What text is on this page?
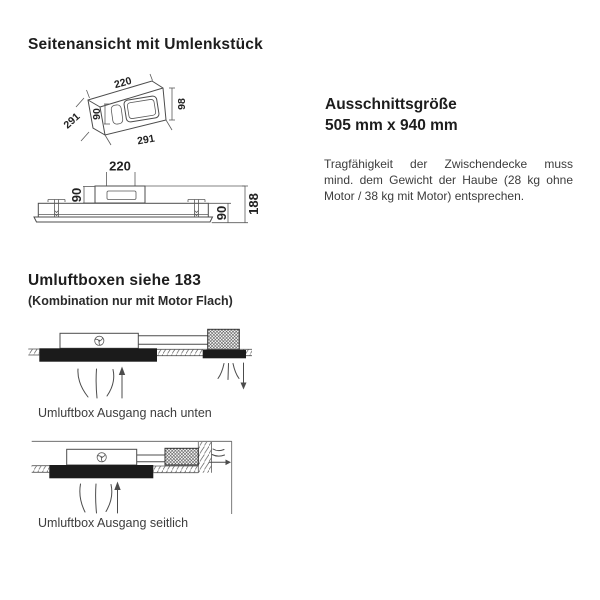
Seitenansicht mit Umlenkstück
220
90
291
291
98	Ausschnittsgröße
505 mm x 940 mm
Tragfähigkeit der Zwischendecke muss
mind. dem Gewicht der Haube (28 kg ohne
Motor / 38 kg mit Motor) entsprechen.
220
90
90 188
Umluftboxen siehe 183
(Kombination nur mit Motor Flach)
Umluftbox Ausgang nach unten
Umluftbox Ausgang seitlich
